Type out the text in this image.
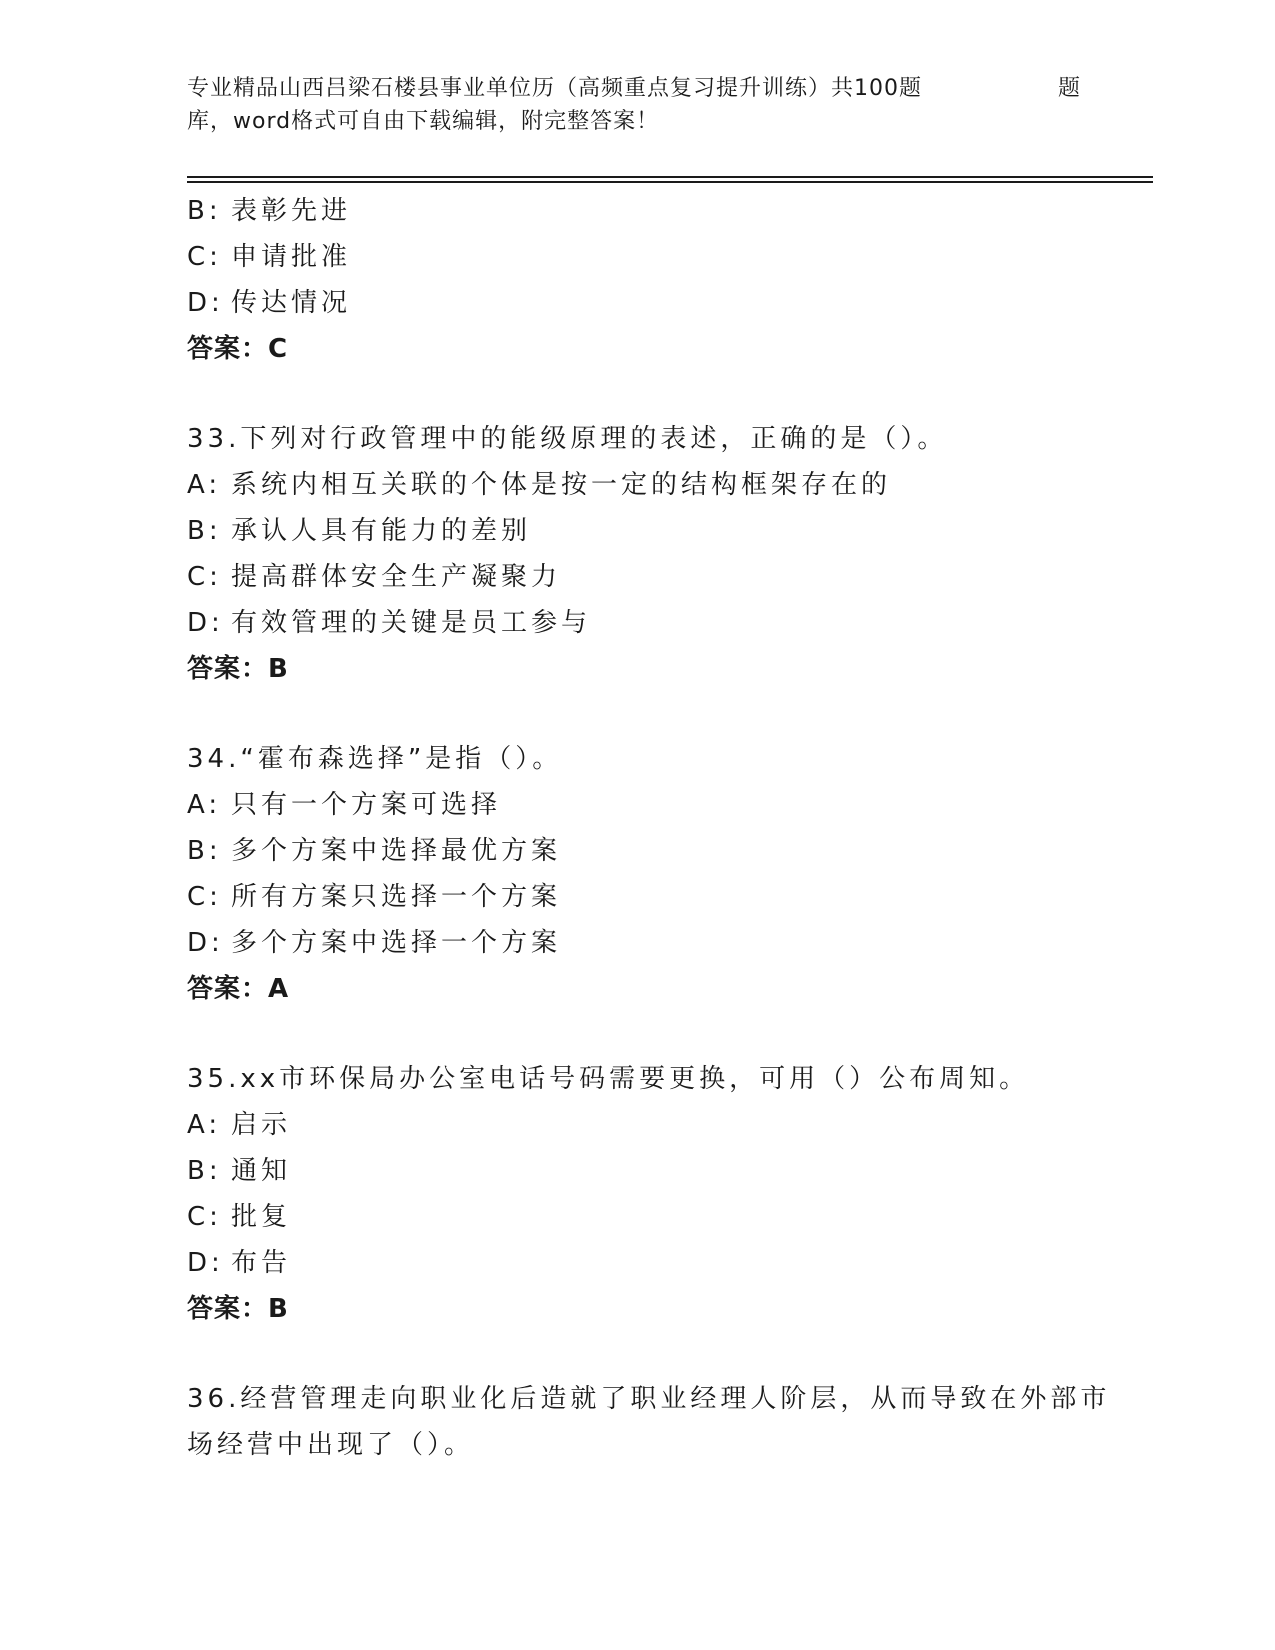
专业精品山西吕梁石楼县事业单位历（高频重点复习提升训练）共100题
库，word格式可自由下载编辑，附完整答案！
题
B: 表彰先进
C: 申请批准
D: 传达情况
答案：C
33.下列对行政管理中的能级原理的表述，正确的是（）。
A: 系统内相互关联的个体是按一定的结构框架存在的
B: 承认人具有能力的差别
C: 提高群体安全生产凝聚力
D: 有效管理的关键是员工参与
答案：B
34.“霍布森选择”是指（）。
A: 只有一个方案可选择
B: 多个方案中选择最优方案
C: 所有方案只选择一个方案
D: 多个方案中选择一个方案
答案：A
35.xx市环保局办公室电话号码需要更换，可用（）公布周知。
A: 启示
B: 通知
C: 批复
D: 布告
答案：B
36.经营管理走向职业化后造就了职业经理人阶层，从而导致在外部市
场经营中出现了（）。
